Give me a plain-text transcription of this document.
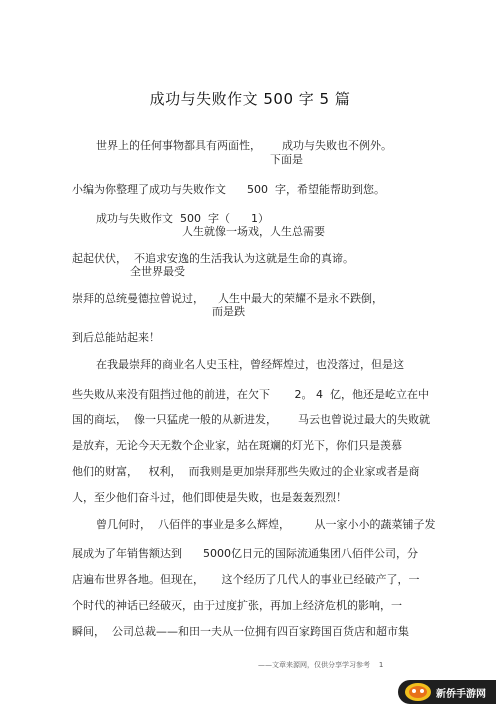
成功与失败作文 500 字 5 篇
世界上的任何事物都具有两面性，      成功与失败也不例外。
下面是
小编为你整理了成功与失败作文      500  字，希望能帮助到您。
成功与失败作文  500  字（      1）
人生就像一场戏，人生总需要
起起伏伏，  不追求安逸的生活我认为这就是生命的真谛。
全世界最受
崇拜的总统曼德拉曾说过，    人生中最大的荣耀不是永不跌倒，
而是跌
到后总能站起来！
在我最崇拜的商业名人史玉柱，曾经辉煌过，也没落过，但是这
些失败从来没有阻挡过他的前进，在欠下       2。 4  亿，他还是屹立在中
国的商坛，  像一只猛虎一般的从新进发，      马云也曾说过最大的失败就
是放弃，无论今天无数个企业家，站在斑斓的灯光下，你们只是羡慕
他们的财富，   权利，  而我则是更加崇拜那些失败过的企业家或者是商
人，至少他们奋斗过，他们即使是失败，也是轰轰烈烈！
曾几何时，  八佰伴的事业是多么辉煌，       从一家小小的蔬菜铺子发
展成为了年销售额达到      5000亿日元的国际流通集团八佰伴公司，分
店遍布世界各地。但现在，     这个经历了几代人的事业已经破产了，一
个时代的神话已经破灭，由于过度扩张，再加上经济危机的影响，一
瞬间，  公司总裁——和田一夫从一位拥有四百家跨国百货店和超市集
——文章来源网，仅供分享学习参考    1
新侨手游网
